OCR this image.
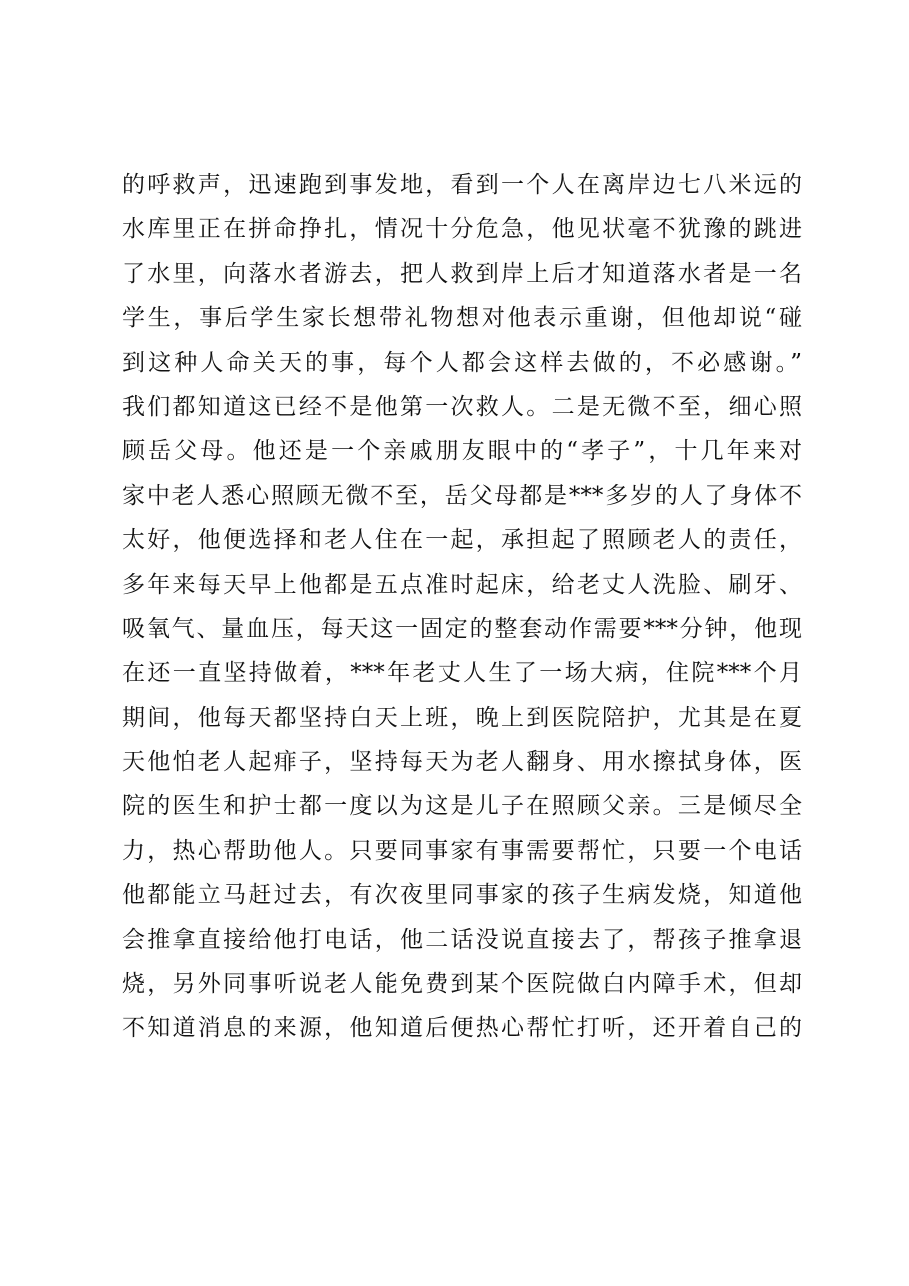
的呼救声，迅速跑到事发地，看到一个人在离岸边七八米远的
水库里正在拼命挣扎，情况十分危急，他见状毫不犹豫的跳进
了水里，向落水者游去，把人救到岸上后才知道落水者是一名
学生，事后学生家长想带礼物想对他表示重谢，但他却说“碰
到这种人命关天的事，每个人都会这样去做的，不必感谢。”
我们都知道这已经不是他第一次救人。二是无微不至，细心照
顾岳父母。他还是一个亲戚朋友眼中的“孝子”，十几年来对
家中老人悉心照顾无微不至，岳父母都是***多岁的人了身体不
太好，他便选择和老人住在一起，承担起了照顾老人的责任，
多年来每天早上他都是五点准时起床，给老丈人洗脸、刷牙、
吸氧气、量血压，每天这一固定的整套动作需要***分钟，他现
在还一直坚持做着，***年老丈人生了一场大病，住院***个月
期间，他每天都坚持白天上班，晚上到医院陪护，尤其是在夏
天他怕老人起痱子，坚持每天为老人翻身、用水擦拭身体，医
院的医生和护士都一度以为这是儿子在照顾父亲。三是倾尽全
力，热心帮助他人。只要同事家有事需要帮忙，只要一个电话
他都能立马赶过去，有次夜里同事家的孩子生病发烧，知道他
会推拿直接给他打电话，他二话没说直接去了，帮孩子推拿退
烧，另外同事听说老人能免费到某个医院做白内障手术，但却
不知道消息的来源，他知道后便热心帮忙打听，还开着自己的
